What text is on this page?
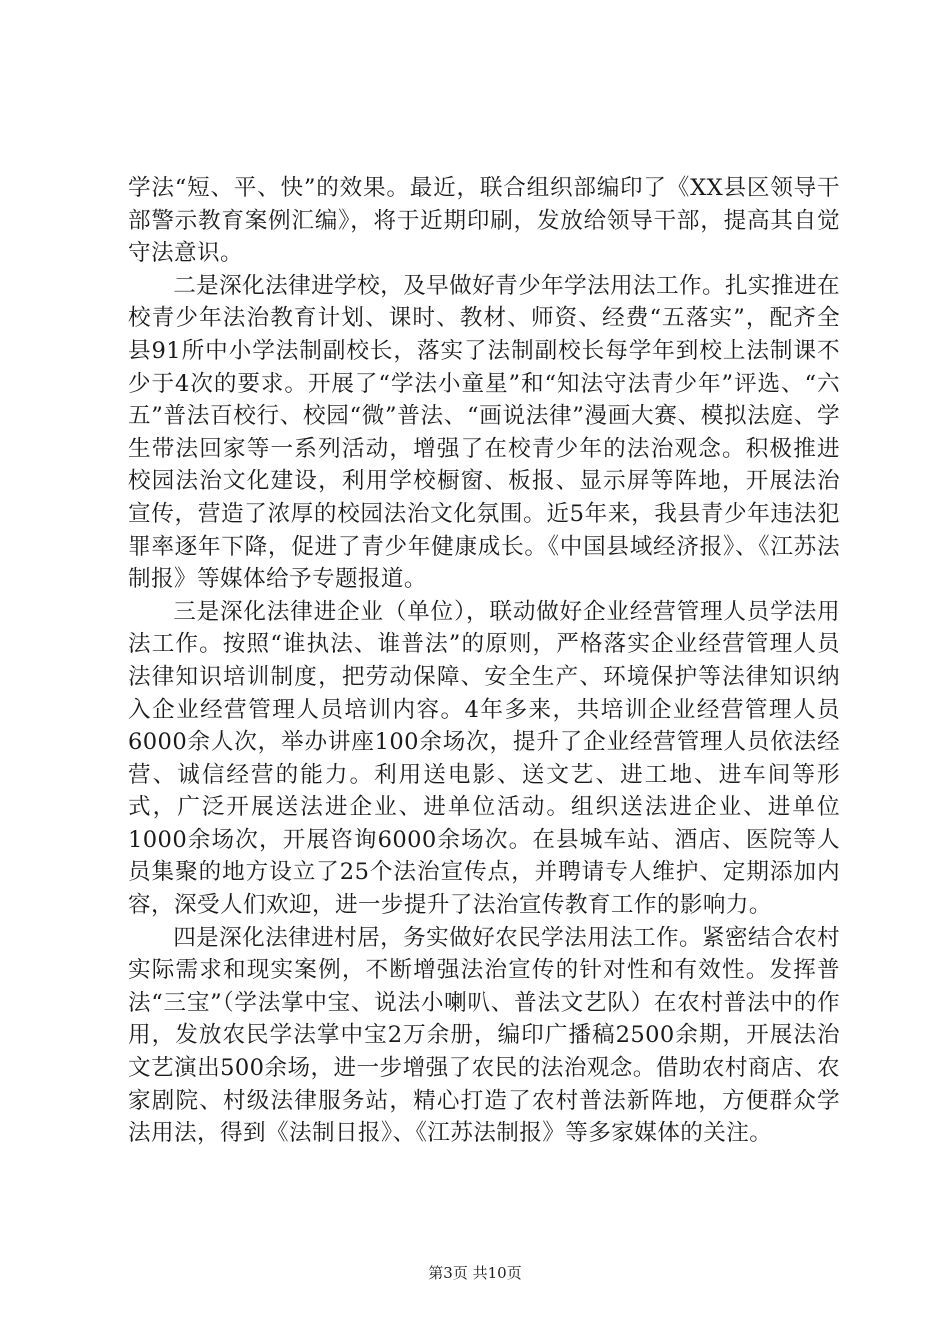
学法“短、平、快”的效果。最近，联合组织部编印了《XX县区领导干部警示教育案例汇编》，将于近期印刷，发放给领导干部，提高其自觉守法意识。

二是深化法律进学校，及早做好青少年学法用法工作。扎实推进在校青少年法治教育计划、课时、教材、师资、经费“五落实”，配齐全县91所中小学法制副校长，落实了法制副校长每学年到校上法制课不少于4次的要求。开展了“学法小童星”和“知法守法青少年”评选、“六五”普法百校行、校园“微”普法、“画说法律”漫画大赛、模拟法庭、学生带法回家等一系列活动，增强了在校青少年的法治观念。积极推进校园法治文化建设，利用学校橱窗、板报、显示屏等阵地，开展法治宣传，营造了浓厚的校园法治文化氛围。近5年来，我县青少年违法犯罪率逐年下降，促进了青少年健康成长。《中国县域经济报》、《江苏法制报》等媒体给予专题报道。

三是深化法律进企业（单位），联动做好企业经营管理人员学法用法工作。按照“谁执法、谁普法”的原则，严格落实企业经营管理人员法律知识培训制度，把劳动保障、安全生产、环境保护等法律知识纳入企业经营管理人员培训内容。4年多来，共培训企业经营管理人员6000余人次，举办讲座100余场次，提升了企业经营管理人员依法经营、诚信经营的能力。利用送电影、送文艺、进工地、进车间等形式，广泛开展送法进企业、进单位活动。组织送法进企业、进单位1000余场次，开展咨询6000余场次。在县城车站、酒店、医院等人员集聚的地方设立了25个法治宣传点，并聘请专人维护、定期添加内容，深受人们欢迎，进一步提升了法治宣传教育工作的影响力。

四是深化法律进村居，务实做好农民学法用法工作。紧密结合农村实际需求和现实案例，不断增强法治宣传的针对性和有效性。发挥普法“三宝”（学法掌中宝、说法小喇叭、普法文艺队）在农村普法中的作用，发放农民学法掌中宝2万余册，编印广播稿2500余期，开展法治文艺演出500余场，进一步增强了农民的法治观念。借助农村商店、农家剧院、村级法律服务站，精心打造了农村普法新阵地，方便群众学法用法，得到《法制日报》、《江苏法制报》等多家媒体的关注。

第3页 共10页
